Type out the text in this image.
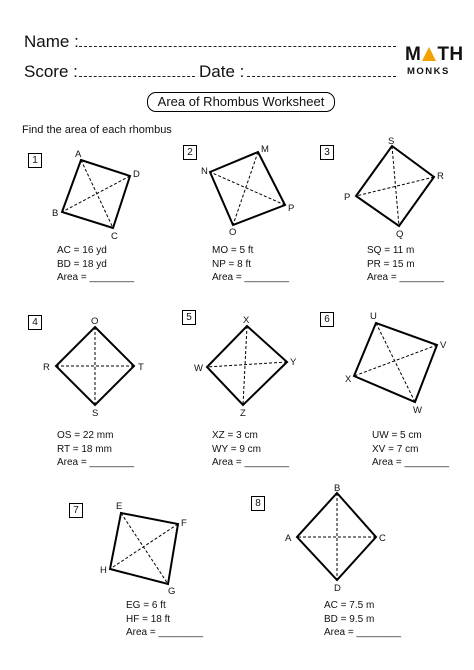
Name :
Score :	Date :
M TH
MONKS
Area of Rhombus Worksheet
Find the area of each rhombus
A
D
C
B
M
P
O
N
S
R
Q
P
O
T
S
R
X
Y
Z
W
U
V
W
X
E
F
G
H
B
C
D
A
1
2	3
4	5	6
7
8
AC = 16 yd
BD = 18 yd
Area = ________
MO = 5 ft
NP = 8 ft
Area = ________
SQ = 11 m
PR = 15 m
Area = ________
OS = 22 mm
RT = 18 mm
Area = ________
XZ = 3 cm
WY = 9 cm
Area = ________
UW = 5 cm
XV = 7 cm
Area = ________
EG = 6 ft
HF = 18 ft
Area = ________
AC = 7.5 m
BD = 9.5 m
Area = ________
